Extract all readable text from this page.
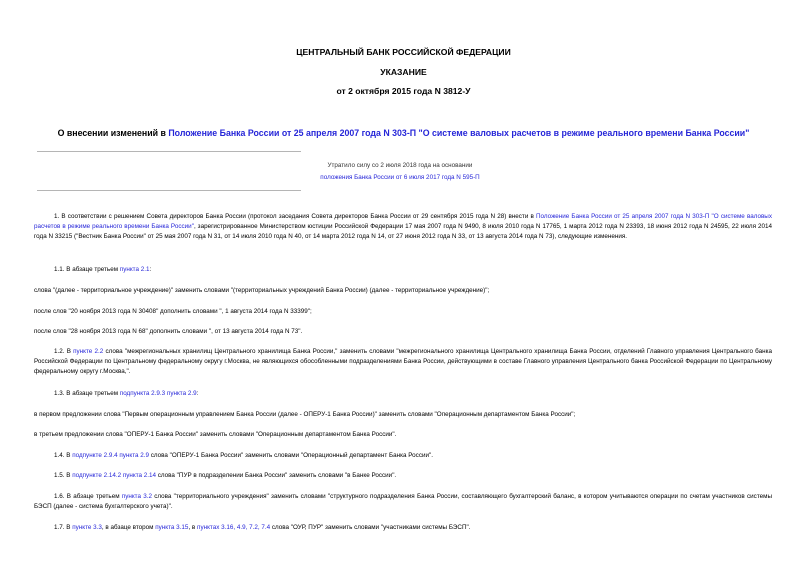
ЦЕНТРАЛЬНЫЙ БАНК РОССИЙСКОЙ ФЕДЕРАЦИИ
УКАЗАНИЕ
от 2 октября 2015 года N 3812-У
О внесении изменений в Положение Банка России от 25 апреля 2007 года N 303-П "О системе валовых расчетов в режиме реального времени Банка России"
Утратило силу со 2 июля 2018 года на основании
положения Банка России от 6 июля 2017 года N 595-П
1. В соответствии с решением Совета директоров Банка России (протокол заседания Совета директоров Банка России от 29 сентября 2015 года N 28) внести в Положение Банка России от 25 апреля 2007 года N 303-П "О системе валовых расчетов в режиме реального времени Банка России", зарегистрированное Министерством юстиции Российской Федерации 17 мая 2007 года N 9490, 8 июля 2010 года N 17765, 1 марта 2012 года N 23393, 18 июня 2012 года N 24595, 22 июля 2014 года N 33215 ("Вестник Банка России" от 25 мая 2007 года N 31, от 14 июля 2010 года N 40, от 14 марта 2012 года N 14, от 27 июня 2012 года N 33, от 13 августа 2014 года N 73), следующие изменения.
1.1. В абзаце третьем пункта 2.1:
слова "(далее - территориальное учреждение)" заменить словами "(территориальных учреждений Банка России) (далее - территориальное учреждение)";
после слов "20 ноября 2013 года N 30408" дополнить словами ", 1 августа 2014 года N 33399";
после слов "28 ноября 2013 года N 68" дополнить словами ", от 13 августа 2014 года N 73".
1.2. В пункте 2.2 слова "межрегиональных хранилищ Центрального хранилища Банка России," заменить словами "межрегионального хранилища Центрального хранилища Банка России, отделений Главного управления Центрального банка Российской Федерации по Центральному федеральному округу г.Москва, не являющихся обособленными подразделениями Банка России, действующими в составе Главного управления Центрального банка Российской Федерации по Центральному федеральному округу г.Москва,".
1.3. В абзаце третьем подпункта 2.9.3 пункта 2.9:
в первом предложении слова "Первым операционным управлением Банка России (далее - ОПЕРУ-1 Банка России)" заменить словами "Операционным департаментом Банка России";
в третьем предложении слова "ОПЕРУ-1 Банка России" заменить словами "Операционным департаментом Банка России".
1.4. В подпункте 2.9.4 пункта 2.9 слова "ОПЕРУ-1 Банка России" заменить словами "Операционный департамент Банка России".
1.5. В подпункте 2.14.2 пункта 2.14 слова "ПУР в подразделении Банка России" заменить словами "в Банке России".
1.6. В абзаце третьем пункта 3.2 слова "территориального учреждения" заменить словами "структурного подразделения Банка России, составляющего бухгалтерский баланс, в котором учитываются операции по счетам участников системы БЭСП (далее - система бухгалтерского учета)".
1.7. В пункте 3.3, в абзаце втором пункта 3.15, в пунктах 3.16, 4.9, 7.2, 7.4 слова "ОУР, ПУР" заменить словами "участниками системы БЭСП".
